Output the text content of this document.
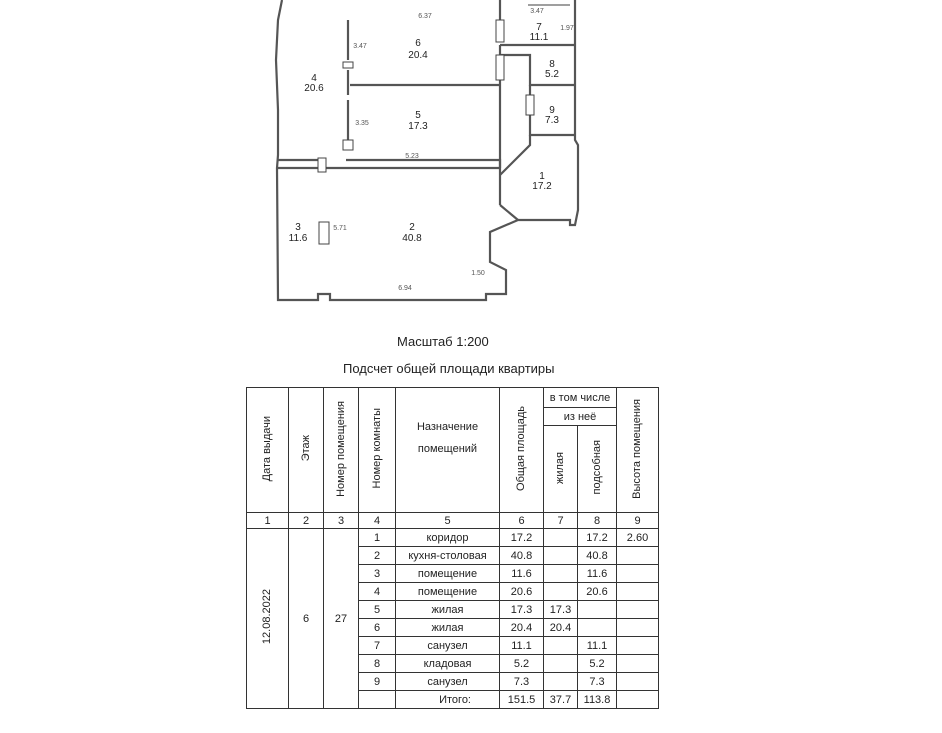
6.37
3.47
1.97
3.47
3.35
5.23
5.71
1.50
6.94
6
20.4
4
20.6
5
17.3
7
11.1
8
5.2
9
7.3
1
17.2
3
11.6
2
40.8
Масштаб 1:200
Подсчет общей площади квартиры
Дата выдачи	Этаж	Номер помещения	Номер комнаты	Назначение
помещений	Общая площадь	в том числе		Высота помещения
						из неё		
						жилая	подсобная	
1	2	3	4	5	6	7	8	9
12.08.2022	6	27	1	коридор	17.2		17.2	2.60
			2	кухня-столовая	40.8		40.8	
			3	помещение	11.6		11.6	
			4	помещение	20.6		20.6	
			5	жилая	17.3	17.3		
			6	жилая	20.4	20.4		
			7	санузел	11.1		11.1	
			8	кладовая	5.2		5.2	
			9	санузел	7.3		7.3	
				Итого:	151.5	37.7	113.8	
